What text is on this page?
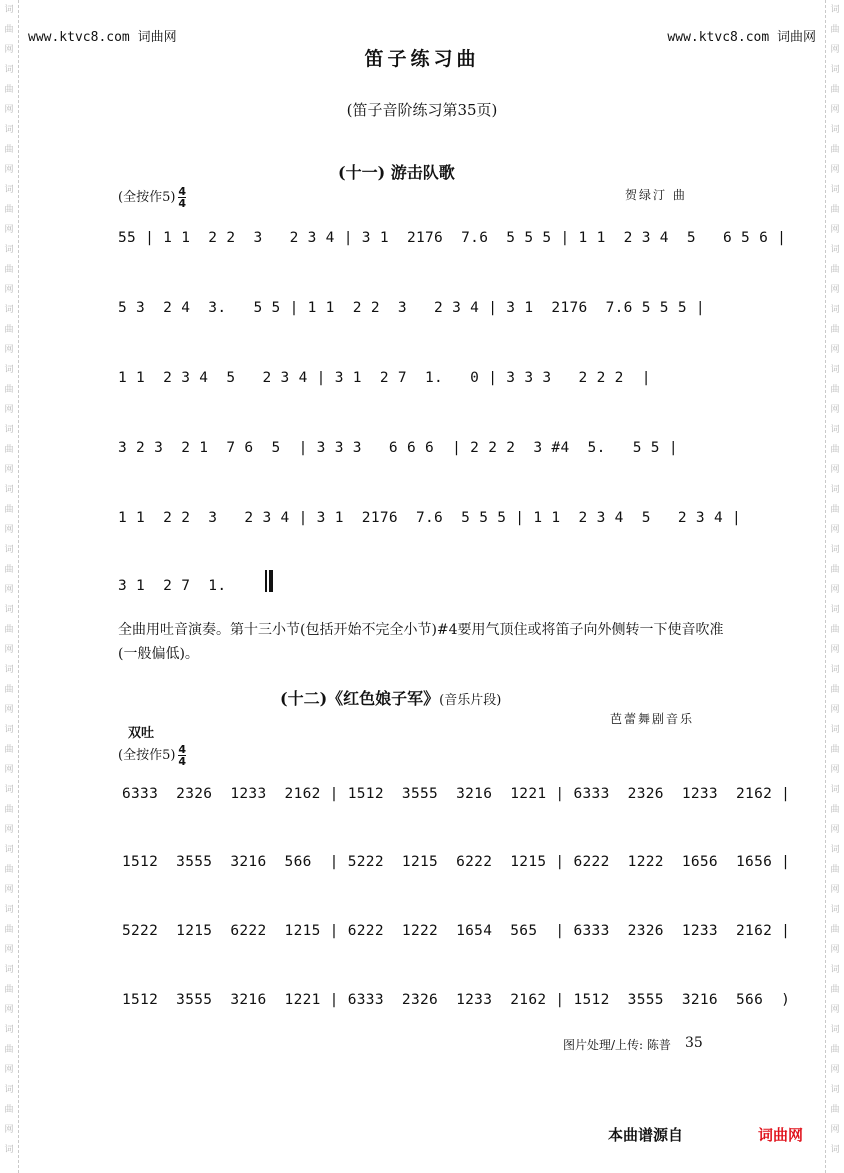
词
曲
网
词
曲
网
词
曲
网
词
曲
网
词
曲
网
词
曲
网
词
曲
网
词
曲
网
词
曲
网
词
曲
网
词
曲
网
词
曲
网
词
曲
网
词
曲
网
词
曲
网
词
曲
网
词
曲
网
词
曲
网
词
曲
网
词
词
曲
网
词
曲
网
词
曲
网
词
曲
网
词
曲
网
词
曲
网
词
曲
网
词
曲
网
词
曲
网
词
曲
网
词
曲
网
词
曲
网
词
曲
网
词
曲
网
词
曲
网
词
曲
网
词
曲
网
词
曲
网
词
曲
网
词
www.ktvc8.com 词曲网	www.ktvc8.com 词曲网
笛子练习曲
(笛子音阶练习第35页)
(十一) 游击队歌
(全按作$5) \frac{4}{4}$	贺绿汀 曲
55 | 1 1  2 2  3   2 3 4 | 3 1  2176  7.6  5 5 5 | 1 1  2 3 4  5   6 5 6 |
5 3  2 4  3.   5 5 | 1 1  2 2  3   2 3 4 | 3 1  2176  7.6 5 5 5 |
1 1  2 3 4  5   2 3 4 | 3 1  2 7  1.   0 | 3 3 3   2 2 2  |
3 2 3  2 1  7 6  5  | 3 3 3   6 6 6  | 2 2 2  3 #4  5.   5 5 |
1 1  2 2  3   2 3 4 | 3 1  2176  7.6  5 5 5 | 1 1  2 3 4  5   2 3 4 |
3 1  2 7  1.
全曲用吐音演奏。第十三小节(包括开始不完全小节)#4要用气顶住或将笛子向外侧转一下使音吹准(一般偏低)。
(十二)《红色娘子军》(音乐片段)
芭蕾舞剧音乐
双吐
(全按作$5) \frac{4}{4}$
6333  2326  1233  2162 | 1512  3555  3216  1221 | 6333  2326  1233  2162 |
1512  3555  3216  566  | 5222  1215  6222  1215 | 6222  1222  1656  1656 |
5222  1215  6222  1215 | 6222  1222  1654  565  | 6333  2326  1233  2162 |
1512  3555  3216  1221 | 6333  2326  1233  2162 | 1512  3555  3216  566  )
图片处理/上传: 陈普 35
本曲谱源自	词曲网
